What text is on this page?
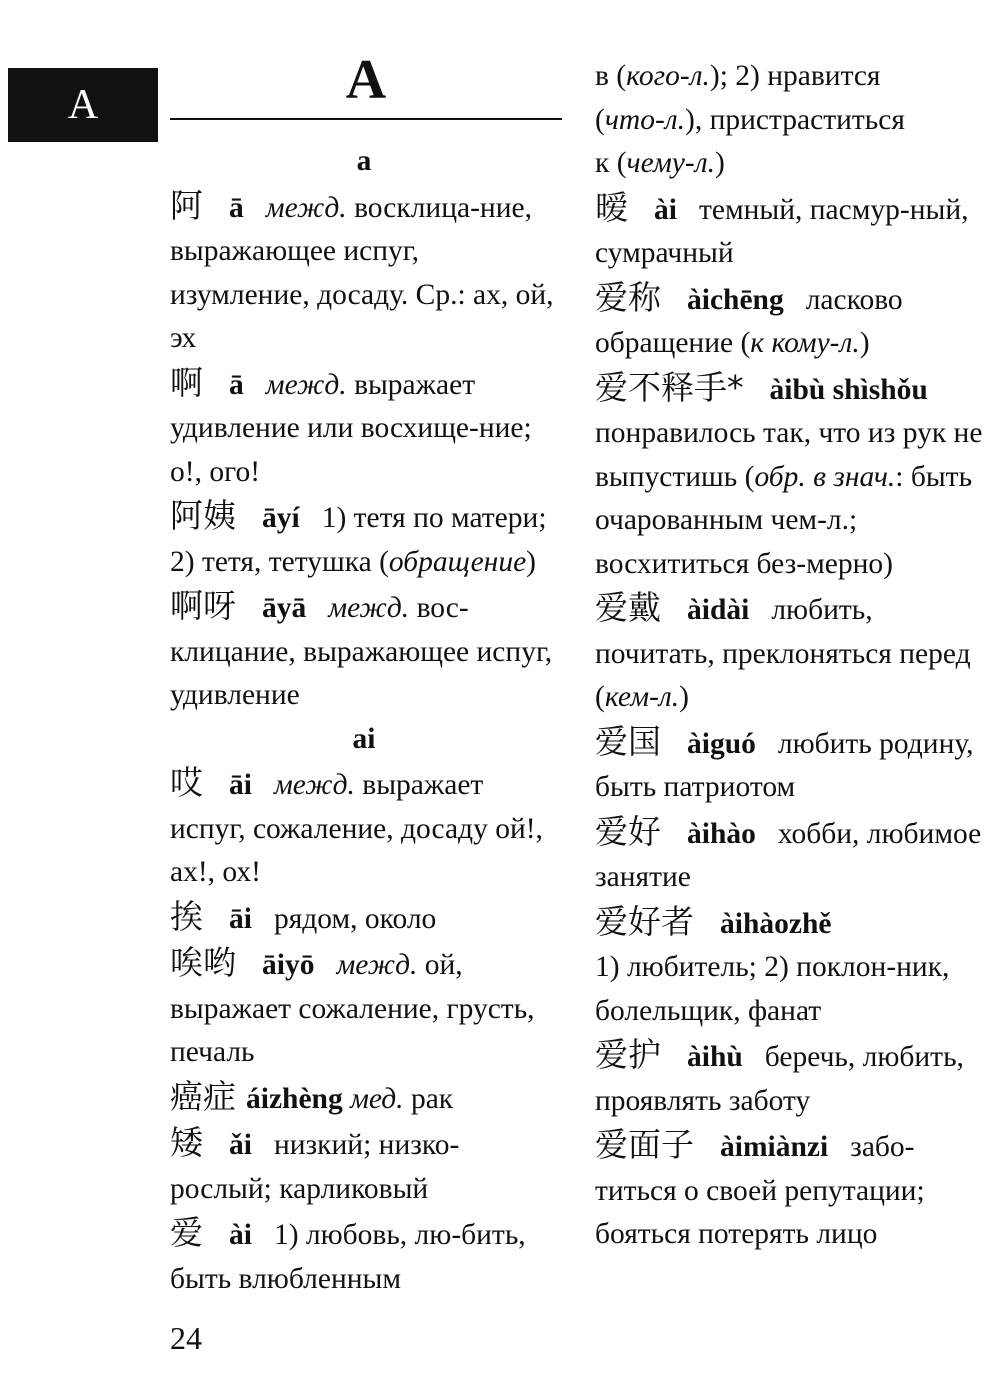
А	А
a
阿 ā межд. восклица-ние, выражающее испуг, изумление, досаду. Ср.: ах, ой, эх
啊 ā межд. выражает удивление или восхище-ние; о!, ого!
阿姨 āyí 1) тетя по матери; 2) тетя, тетушка (обращение)
啊呀 āyā межд. вос-клицание, выражающее испуг, удивление
ai
哎 āi межд. выражает испуг, сожаление, досаду ой!, ах!, ох!
挨 āi рядом, около
唉哟 āiyō межд. ой, выражает сожаление, грусть, печаль
癌症 áizhèng мед. рак
矮 ǎi низкий; низко-рослый; карликовый
爱 ài 1) любовь, лю-бить, быть влюбленным
в (кого-л.); 2) нравится
(что-л.), пристраститься
к (чему-л.)
暧 ài темный, пасмур-ный, сумрачный
爱称 àichēng ласково
обращение (к кому-л.)
爱不释手* àibù shìshǒu понравилось так, что из рук не выпустишь (обр. в знач.: быть очарованным чем-л.; восхититься без-мерно)
爱戴 àidài любить, почитать, преклоняться перед (кем-л.)
爱国 àiguó любить родину, быть патриотом
爱好 àihào хобби, любимое занятие
爱好者 àihàozhě
1) любитель; 2) поклон-ник, болельщик, фанат
爱护 àihù беречь, любить, проявлять заботу
爱面子 àimiànzi забо-титься о своей репутации; бояться потерять лицо
24
